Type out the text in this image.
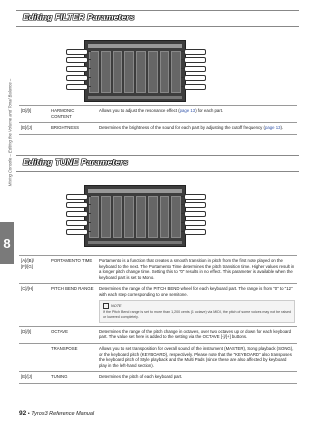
Mixing Console – Editing the Volume and Tonal Balance –
8
Editing FILTER Parameters
[D]/[I]	HARMONIC CONTENT	Allows you to adjust the resonance effect (page 13) for each part.
[E]/[J]	BRIGHTNESS	Determines the brightness of the sound for each part by adjusting the cutoff frequency (page 13).
Editing TUNE Parameters
[A]/[B]/ [F]/[G]	PORTAMENTO TIME	Portamento is a function that creates a smooth transition in pitch from the first note played on the keyboard to the next. The Portamento Time determines the pitch transition time. Higher values result in a longer pitch change time. Setting this to "0" results in no effect. This parameter is available when the keyboard part is set to Mono.
[C]/[H]	PITCH BEND RANGE	Determines the range of the PITCH BEND wheel for each keyboard part. The range is from "0" to "12" with each step corresponding to one semitone.
NOTE
If the Pitch Bend range is set to more than 1,200 cents (1 octave) via MIDI, the pitch of some voices may not be raised or lowered completely.

[D]/[I]	OCTAVE	Determines the range of the pitch change in octaves, over two octaves up or down for each keyboard part. The value set here is added to the setting via the OCTAVE [-]/[+] buttons.
	TRANSPOSE	Allows you to set transposition for overall sound of the instrument (MASTER), Song playback (SONG), or the keyboard pitch (KEYBOARD), respectively. Please note that the "KEYBOARD" also transposes the keyboard pitch of Style playback and the Multi Pads (since these are also affected by keyboard play in the left-hand section).
[E]/[J]	TUNING	Determines the pitch of each keyboard part.
92 • Tyros3 Reference Manual
